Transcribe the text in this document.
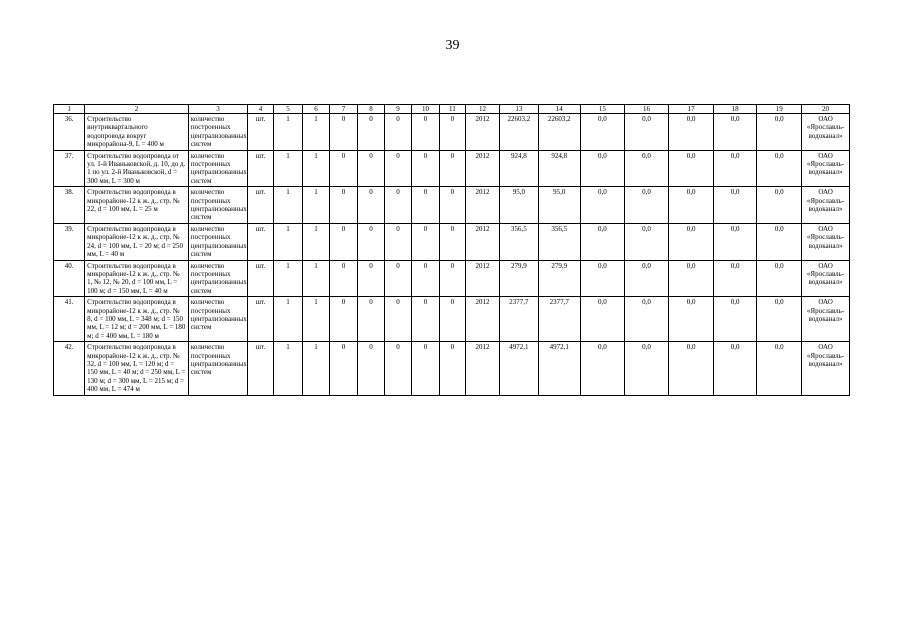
39
1	2	3	4	5	6	7	8	9	10	11	12	13	14	15	16	17	18	19	20
36.	Строительство внутриквартального водопровода вокруг микрорайона-9, L = 400 м	количество построенных централизованных систем	шт.	1	1	0	0	0	0	0	2012	22603,2	22603,2	0,0	0,0	0,0	0,0	0,0	ОАО «Ярославль-водоканал»
37.	Строительство водопровода от ул. 1-й Иваньковской, д. 10, до д. 1 по ул. 2-й Иваньковской, d = 300 мм, L = 300 м	количество построенных централизованных систем	шт.	1	1	0	0	0	0	0	2012	924,8	924,8	0,0	0,0	0,0	0,0	0,0	ОАО «Ярославль-водоканал»
38.	Строительство водопровода в микрорайоне-12 к ж. д., стр. № 22, d = 100 мм, L = 25 м	количество построенных централизованных систем	шт.	1	1	0	0	0	0	0	2012	95,0	95,0	0,0	0,0	0,0	0,0	0,0	ОАО «Ярославль-водоканал»
39.	Строительство водопровода в микрорайоне-12 к ж. д., стр. № 24, d = 100 мм, L = 20 м; d = 250 мм, L = 40 м	количество построенных централизованных систем	шт.	1	1	0	0	0	0	0	2012	356,5	356,5	0,0	0,0	0,0	0,0	0,0	ОАО «Ярославль-водоканал»
40.	Строительство водопровода в микрорайоне-12 к ж. д., стр. № 1, № 12, № 20, d = 100 мм, L = 100 м; d = 150 мм, L = 40 м	количество построенных централизованных систем	шт.	1	1	0	0	0	0	0	2012	279,9	279,9	0,0	0,0	0,0	0,0	0,0	ОАО «Ярославль-водоканал»
41.	Строительство водопровода в микрорайоне-12 к ж. д., стр. № 8, d = 100 мм, L = 348 м; d = 150 мм, L = 12 м; d = 200 мм, L = 180 м; d = 400 мм, L = 180 м	количество построенных централизованных систем	шт.	1	1	0	0	0	0	0	2012	2377,7	2377,7	0,0	0,0	0,0	0,0	0,0	ОАО «Ярославль-водоканал»
42.	Строительство водопровода в микрорайоне-12 к ж. д., стр. № 32, d = 100 мм, L = 120 м; d = 150 мм, L = 40 м; d = 250 мм, L = 130 м; d = 300 мм, L = 215 м; d = 400 мм, L = 474 м	количество построенных централизованных систем	шт.	1	1	0	0	0	0	0	2012	4972,1	4972,1	0,0	0,0	0,0	0,0	0,0	ОАО «Ярославль-водоканал»
